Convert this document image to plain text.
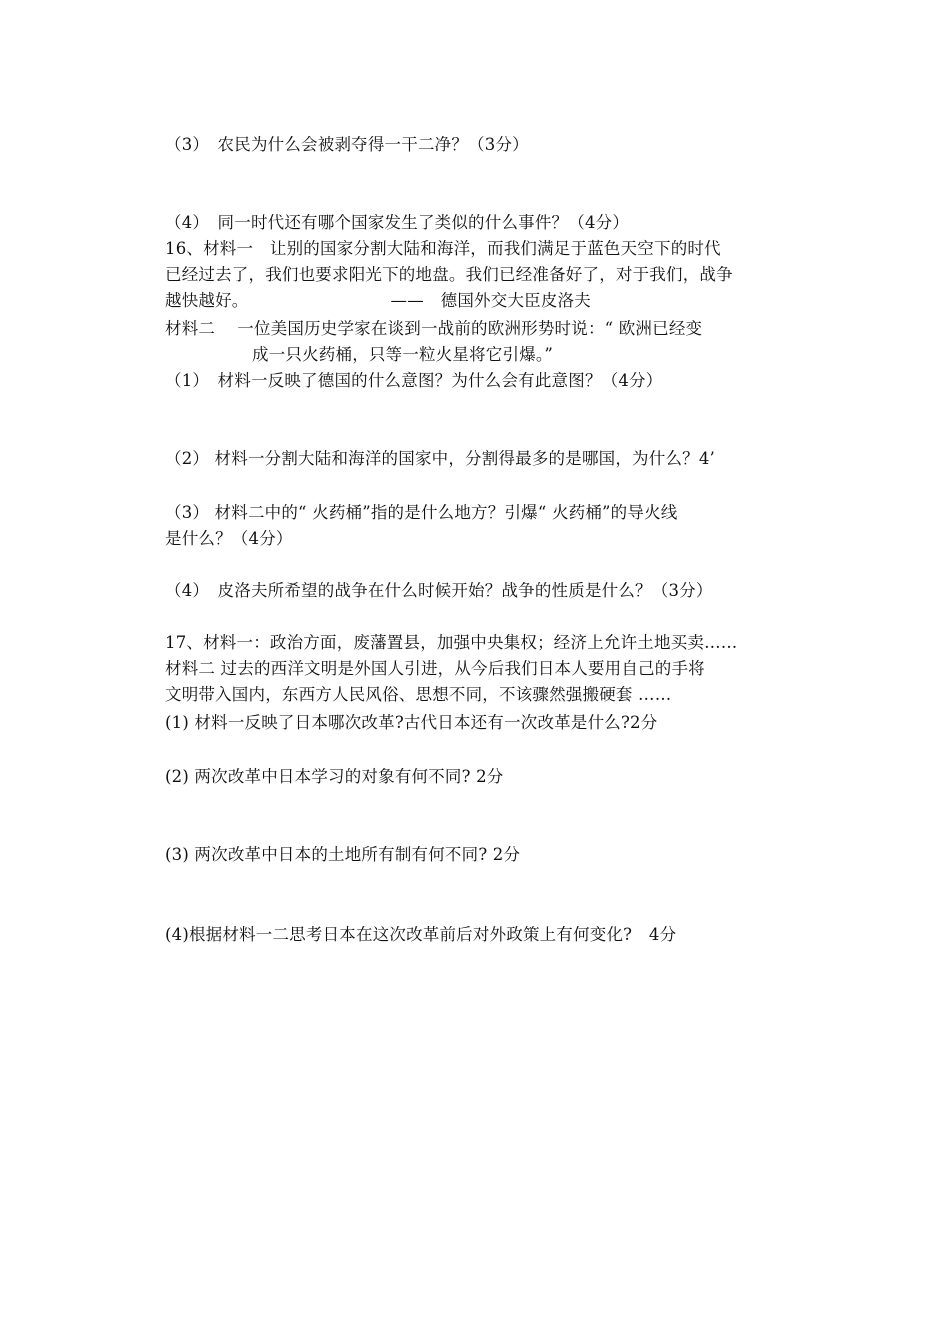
（3）　农民为什么会被剥夺得一干二净？（3分）
（4）　同一时代还有哪个国家发生了类似的什么事件？（4分）
16、材料一　让别的国家分割大陆和海洋，而我们满足于蓝色天空下的时代
已经过去了，我们也要求阳光下的地盘。我们已经准备好了，对于我们，战争
越快越好。　　　　　　　　　——　德国外交大臣皮洛夫
材料二　 一位美国历史学家在谈到一战前的欧洲形势时说：“ 欧洲已经变
成一只火药桶，只等一粒火星将它引爆。”
（1）　材料一反映了德国的什么意图？为什么会有此意图？（4分）
（2） 材料一分割大陆和海洋的国家中，分割得最多的是哪国，为什么？4’
（3） 材料二中的“ 火药桶”指的是什么地方？引爆“ 火药桶”的导火线
是什么？（4分）
（4）　皮洛夫所希望的战争在什么时候开始？战争的性质是什么？（3分）
17、材料一：政治方面，废藩置县，加强中央集权；经济上允许土地买卖……
材料二 过去的西洋文明是外国人引进，从今后我们日本人要用自己的手将
文明带入国内，东西方人民风俗、思想不同，不该骤然强搬硬套 ……
(1) 材料一反映了日本哪次改革?古代日本还有一次改革是什么?2分
(2) 两次改革中日本学习的对象有何不同? 2分
(3) 两次改革中日本的土地所有制有何不同? 2分
(4)根据材料一二思考日本在这次改革前后对外政策上有何变化?　4分
